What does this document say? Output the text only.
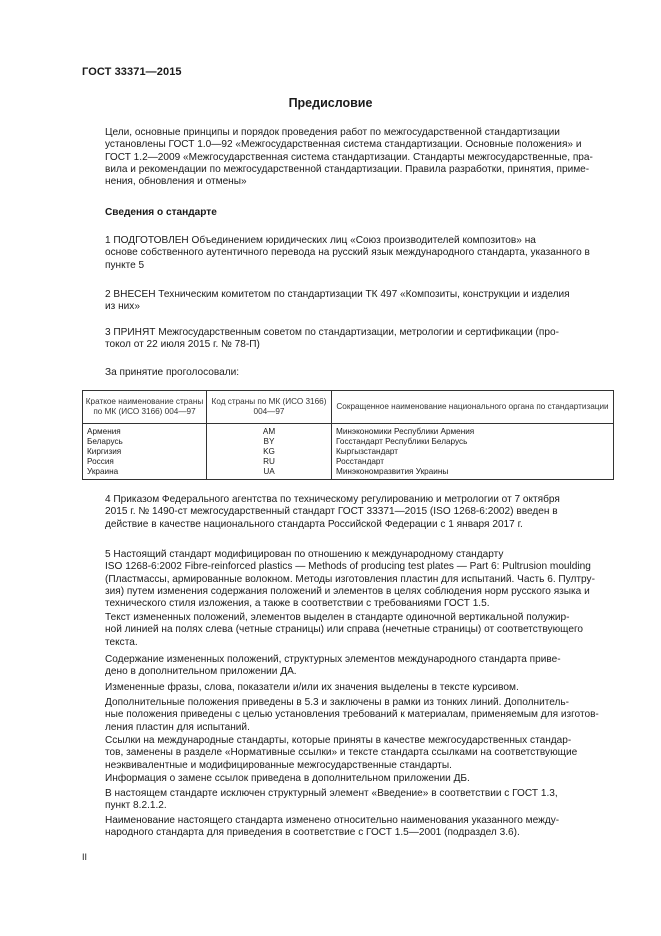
ГОСТ 33371—2015
Предисловие
Цели, основные принципы и порядок проведения работ по межгосударственной стандартизации
установлены ГОСТ 1.0—92 «Межгосударственная система стандартизации. Основные положения» и
ГОСТ 1.2—2009 «Межгосударственная система стандартизации. Стандарты межгосударственные, пра-
вила и рекомендации по межгосударственной стандартизации. Правила разработки, принятия, приме-
нения, обновления и отмены»
Сведения о стандарте
1 ПОДГОТОВЛЕН Объединением юридических лиц «Союз производителей композитов» на
основе собственного аутентичного перевода на русский язык международного стандарта, указанного в
пункте 5
2 ВНЕСЕН Техническим комитетом по стандартизации ТК 497 «Композиты, конструкции и изделия
из них»
3 ПРИНЯТ Межгосударственным советом по стандартизации, метрологии и сертификации (про-
токол от 22 июля 2015 г. № 78-П)
За принятие проголосовали:
Краткое наименование страны по МК (ИСО 3166) 004—97	Код страны по МК (ИСО 3166) 004—97	Сокращенное наименование национального органа по стандартизации
Армения	AM	Минэкономики Республики Армения
Беларусь	BY	Госстандарт Республики Беларусь
Киргизия	KG	Кыргызстандарт
Россия	RU	Росстандарт
Украина	UA	Минэкономразвития Украины
4 Приказом Федерального агентства по техническому регулированию и метрологии от 7 октября
2015 г. № 1490-ст межгосударственный стандарт ГОСТ 33371—2015 (ISO 1268-6:2002) введен в
действие в качестве национального стандарта Российской Федерации с 1 января 2017 г.
5 Настоящий стандарт модифицирован по отношению к международному стандарту
ISO 1268-6:2002 Fibre-reinforced plastics — Methods of producing test plates — Part 6: Pultrusion moulding
(Пластмассы, армированные волокном. Методы изготовления пластин для испытаний. Часть 6. Пултру-
зия) путем изменения содержания положений и элементов в целях соблюдения норм русского языка и
технического стиля изложения, а также в соответствии с требованиями ГОСТ 1.5.
Текст измененных положений, элементов выделен в стандарте одиночной вертикальной полужир-
ной линией на полях слева (четные страницы) или справа (нечетные страницы) от соответствующего
текста.
Содержание измененных положений, структурных элементов международного стандарта приве-
дено в дополнительном приложении ДА.
Измененные фразы, слова, показатели и/или их значения выделены в тексте курсивом.
Дополнительные положения приведены в 5.3 и заключены в рамки из тонких линий. Дополнитель-
ные положения приведены с целью установления требований к материалам, применяемым для изготов-
ления пластин для испытаний.
Ссылки на международные стандарты, которые приняты в качестве межгосударственных стандар-
тов, заменены в разделе «Нормативные ссылки» и тексте стандарта ссылками на соответствующие
неэквивалентные и модифицированные межгосударственные стандарты.
Информация о замене ссылок приведена в дополнительном приложении ДБ.
В настоящем стандарте исключен структурный элемент «Введение» в соответствии с ГОСТ 1.3,
пункт 8.2.1.2.
Наименование настоящего стандарта изменено относительно наименования указанного между-
народного стандарта для приведения в соответствие с ГОСТ 1.5—2001 (подраздел 3.6).
II
